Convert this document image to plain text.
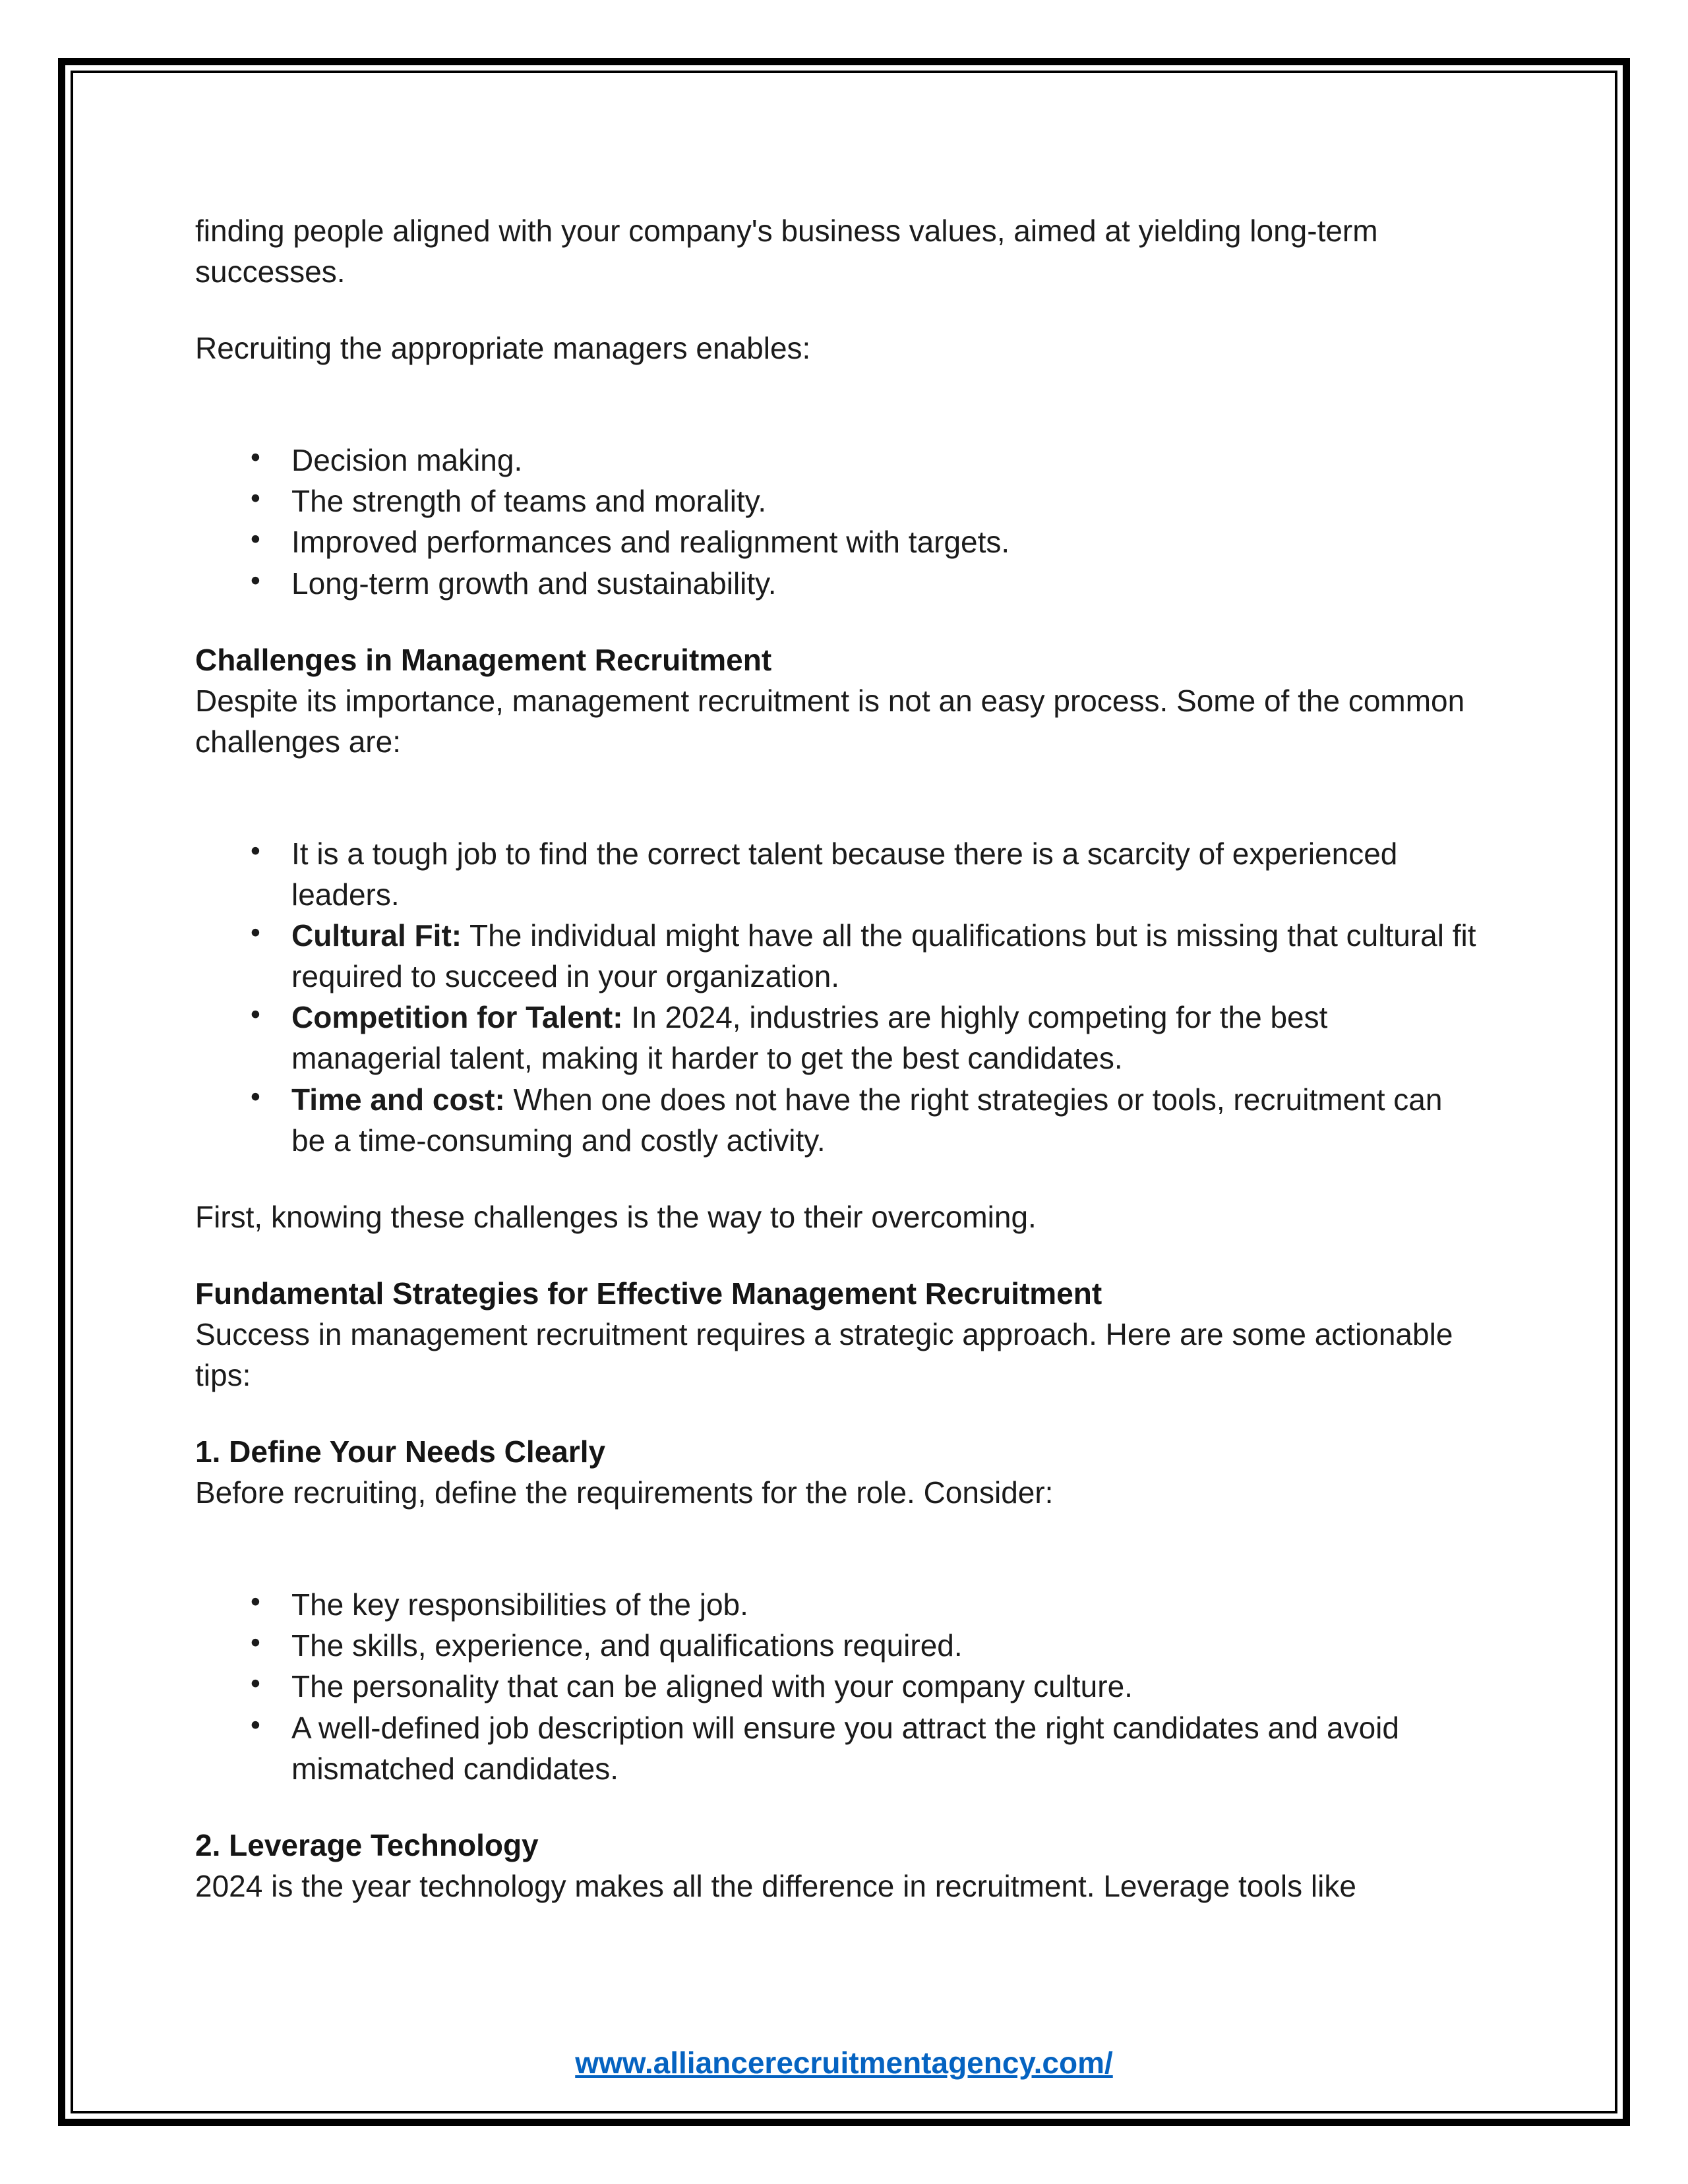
finding people aligned with your company's business values, aimed at yielding long-term successes.

Recruiting the appropriate managers enables:

• Decision making.
• The strength of teams and morality.
• Improved performances and realignment with targets.
• Long-term growth and sustainability.
Challenges in Management Recruitment

Despite its importance, management recruitment is not an easy process. Some of the common challenges are:

• It is a tough job to find the correct talent because there is a scarcity of experienced leaders.
• Cultural Fit: The individual might have all the qualifications but is missing that cultural fit required to succeed in your organization.
• Competition for Talent: In 2024, industries are highly competing for the best managerial talent, making it harder to get the best candidates.
• Time and cost: When one does not have the right strategies or tools, recruitment can be a time-consuming and costly activity.

First, knowing these challenges is the way to their overcoming.

Fundamental Strategies for Effective Management Recruitment

Success in management recruitment requires a strategic approach. Here are some actionable tips:

1. Define Your Needs Clearly

Before recruiting, define the requirements for the role. Consider:

• The key responsibilities of the job.
• The skills, experience, and qualifications required.
• The personality that can be aligned with your company culture.
• A well-defined job description will ensure you attract the right candidates and avoid mismatched candidates.
2. Leverage Technology

2024 is the year technology makes all the difference in recruitment. Leverage tools like

www.alliancerecruitmentagency.com/
